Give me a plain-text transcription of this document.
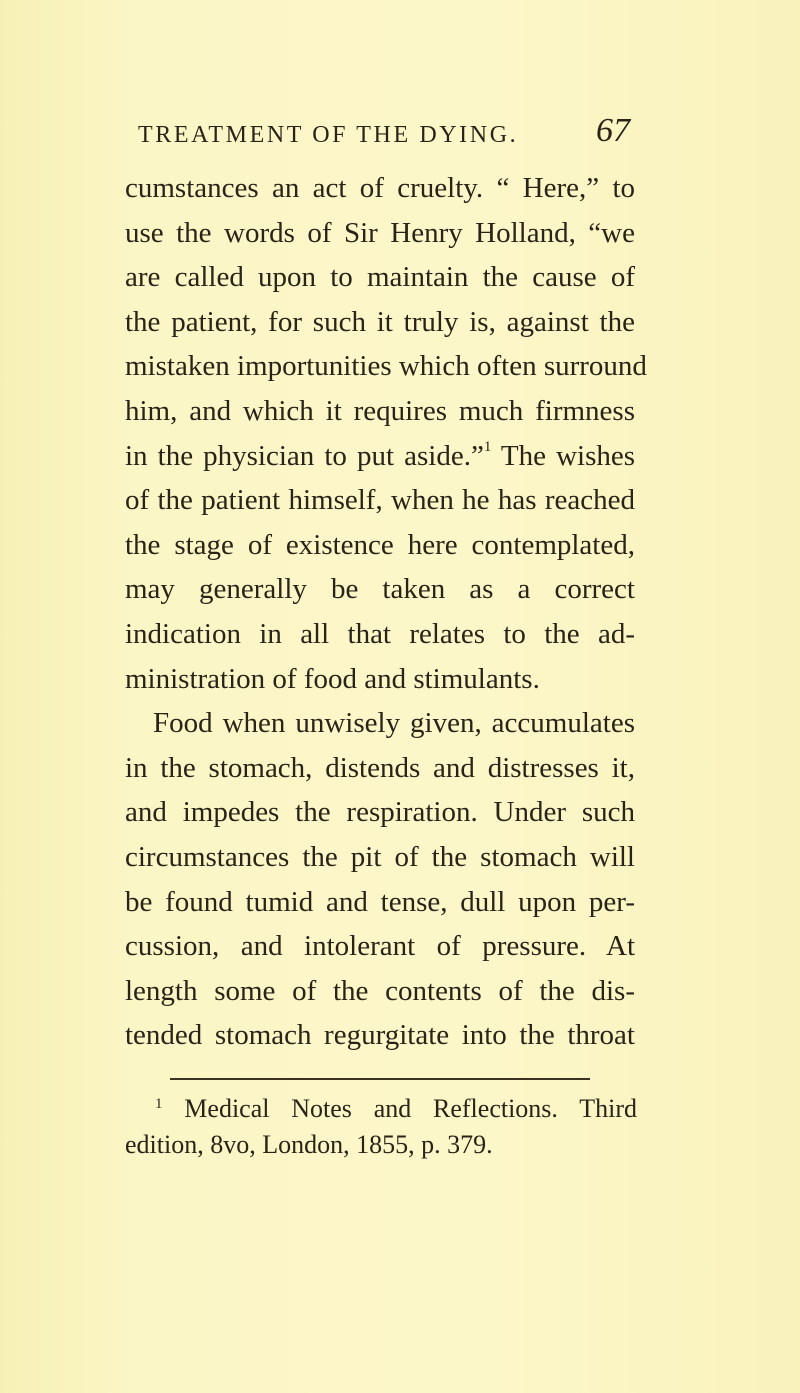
TREATMENT OF THE DYING. 67
cumstances an act of cruelty. “ Here,” to
use the words of Sir Henry Holland, “we
are called upon to maintain the cause of
the patient, for such it truly is, against the
mistaken importunities which often surround
him, and which it requires much firmness
in the physician to put aside.”$^1$ The wishes
of the patient himself, when he has reached
the stage of existence here contemplated,
may generally be taken as a correct
indication in all that relates to the ad-
ministration of food and stimulants.
Food when unwisely given, accumulates
in the stomach, distends and distresses it,
and impedes the respiration. Under such
circumstances the pit of the stomach will
be found tumid and tense, dull upon per-
cussion, and intolerant of pressure. At
length some of the contents of the dis-
tended stomach regurgitate into the throat
$^1$ Medical Notes and Reflections. Third
edition, 8vo, London, 1855, p. 379.
